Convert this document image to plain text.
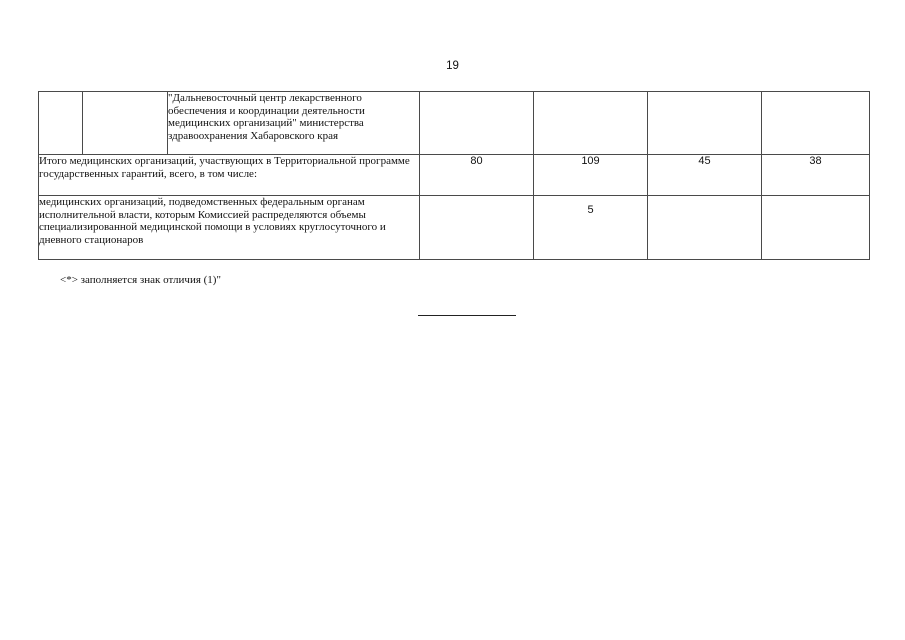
19
		"Дальневосточный центр лекарственного обеспечения и координации деятельности медицинских организаций" министерства здравоохранения Хабаровского края				
Итого медицинских организаций, участвующих в Территориальной программе государственных гарантий, всего, в том числе:			80	109	45	38
медицинских организаций, подведомственных федеральным органам исполнительной власти, которым Комиссией распределяются объемы специализированной медицинской помощи в условиях круглосуточного и дневного стационаров				5		
<*> заполняется знак отличия (1)"
